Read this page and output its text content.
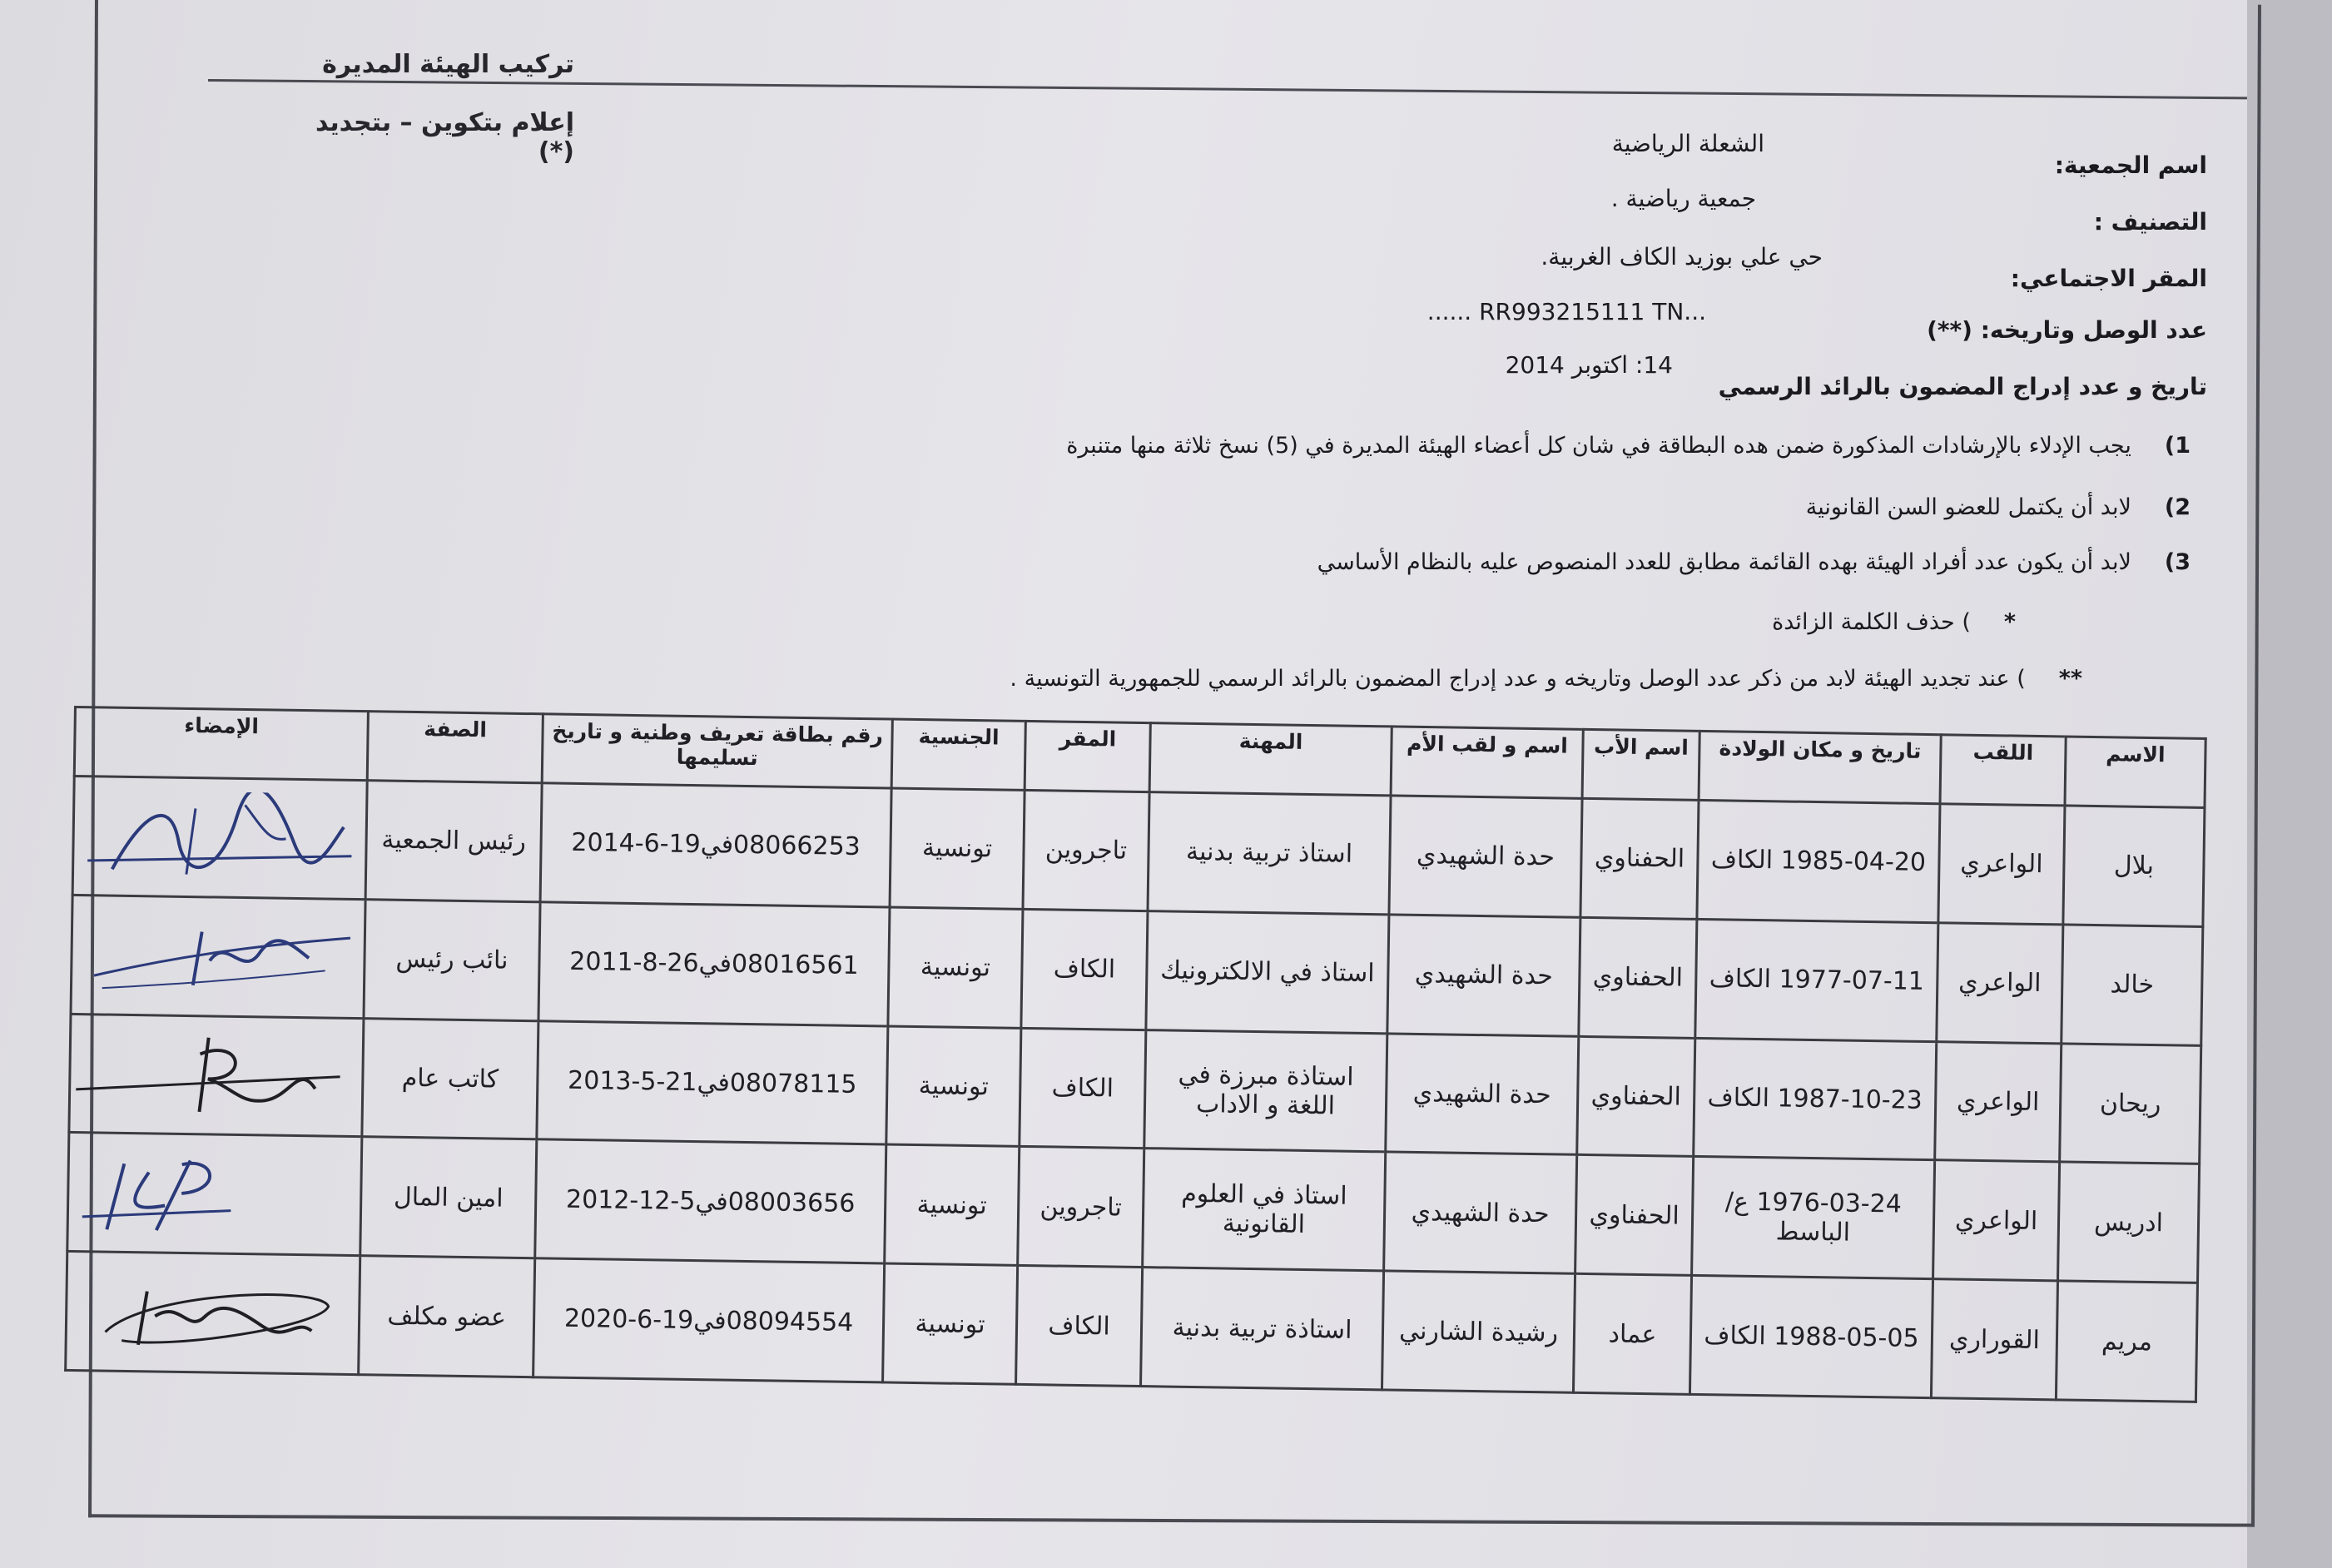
تركيب الهيئة المديرة
إعلام بتكوين – بتجديد (*)	اسم الجمعية:
الشعلة الرياضية
التصنيف :
جمعية رياضية .
المقر الاجتماعي:
حي علي بوزيد الكاف الغربية.
عدد الوصل وتاريخه: (**)
...... RR993215111 TN...
تاريخ و عدد إدراج المضمون بالرائد الرسمي
14: اكتوبر 2014
1)يجب الإدلاء بالإرشادات المذكورة ضمن هده البطاقة في شان كل أعضاء الهيئة المديرة في (5) نسخ ثلاثة منها متنبرة
2)لابد أن يكتمل للعضو السن القانونية
3)لابد أن يكون عدد أفراد الهيئة بهده القائمة مطابق للعدد المنصوص عليه بالنظام الأساسي
*) حذف الكلمة الزائدة
**) عند تجديد الهيئة لابد من ذكر عدد الوصل وتاريخه و عدد إدراج المضمون بالرائد الرسمي للجمهورية التونسية .
الاسم	اللقب	تاريخ و مكان الولادة	اسم الأب	اسم و لقب الأم	المهنة	المقر	الجنسية	رقم بطاقة تعريف وطنية و تاريخ تسليمها	الصفة	الإمضاء
بلال	الواعري	1985-04-20 الكاف	الحفناوي	حدة الشهيدي	استاذ تربية بدنية	تاجروين	تونسية	08066253في19-6-2014	رئيس الجمعية	

خالد	الواعري	1977-07-11 الكاف	الحفناوي	حدة الشهيدي	استاذ في الالكترونيك	الكاف	تونسية	08016561في26-8-2011	نائب رئيس	

ريحان	الواعري	1987-10-23 الكاف	الحفناوي	حدة الشهيدي	استاذة مبرزة في اللغة و الاداب	الكاف	تونسية	08078115في21-5-2013	كاتب عام	

ادريس	الواعري	1976-03-24 ع/ الباسط	الحفناوي	حدة الشهيدي	استاذ في العلوم القانونية	تاجروين	تونسية	08003656في5-12-2012	امين المال	

مريم	القوراري	1988-05-05 الكاف	عماد	رشيدة الشارني	استاذة تربية بدنية	الكاف	تونسية	08094554في19-6-2020	عضو مكلف	
